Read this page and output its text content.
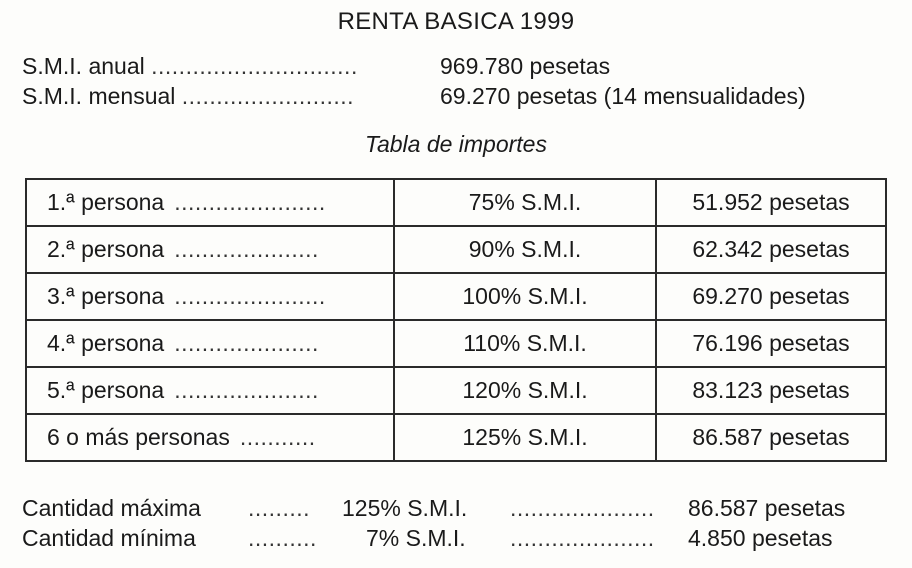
RENTA BASICA 1999
S.M.I. anual ..............................	969.780 pesetas
S.M.I. mensual .........................	69.270 pesetas (14 mensualidades)
Tabla de importes
1.ª persona ......................	75% S.M.I.	51.952 pesetas
2.ª persona .....................	90% S.M.I.	62.342 pesetas
3.ª persona ......................	100% S.M.I.	69.270 pesetas
4.ª persona .....................	110% S.M.I.	76.196 pesetas
5.ª persona .....................	120% S.M.I.	83.123 pesetas
6 o más personas ...........	125% S.M.I.	86.587 pesetas
Cantidad máxima ......... 125% S.M.I. ..................... 86.587 pesetas
Cantidad mínima .......... 7% S.M.I. ..................... 4.850 pesetas
